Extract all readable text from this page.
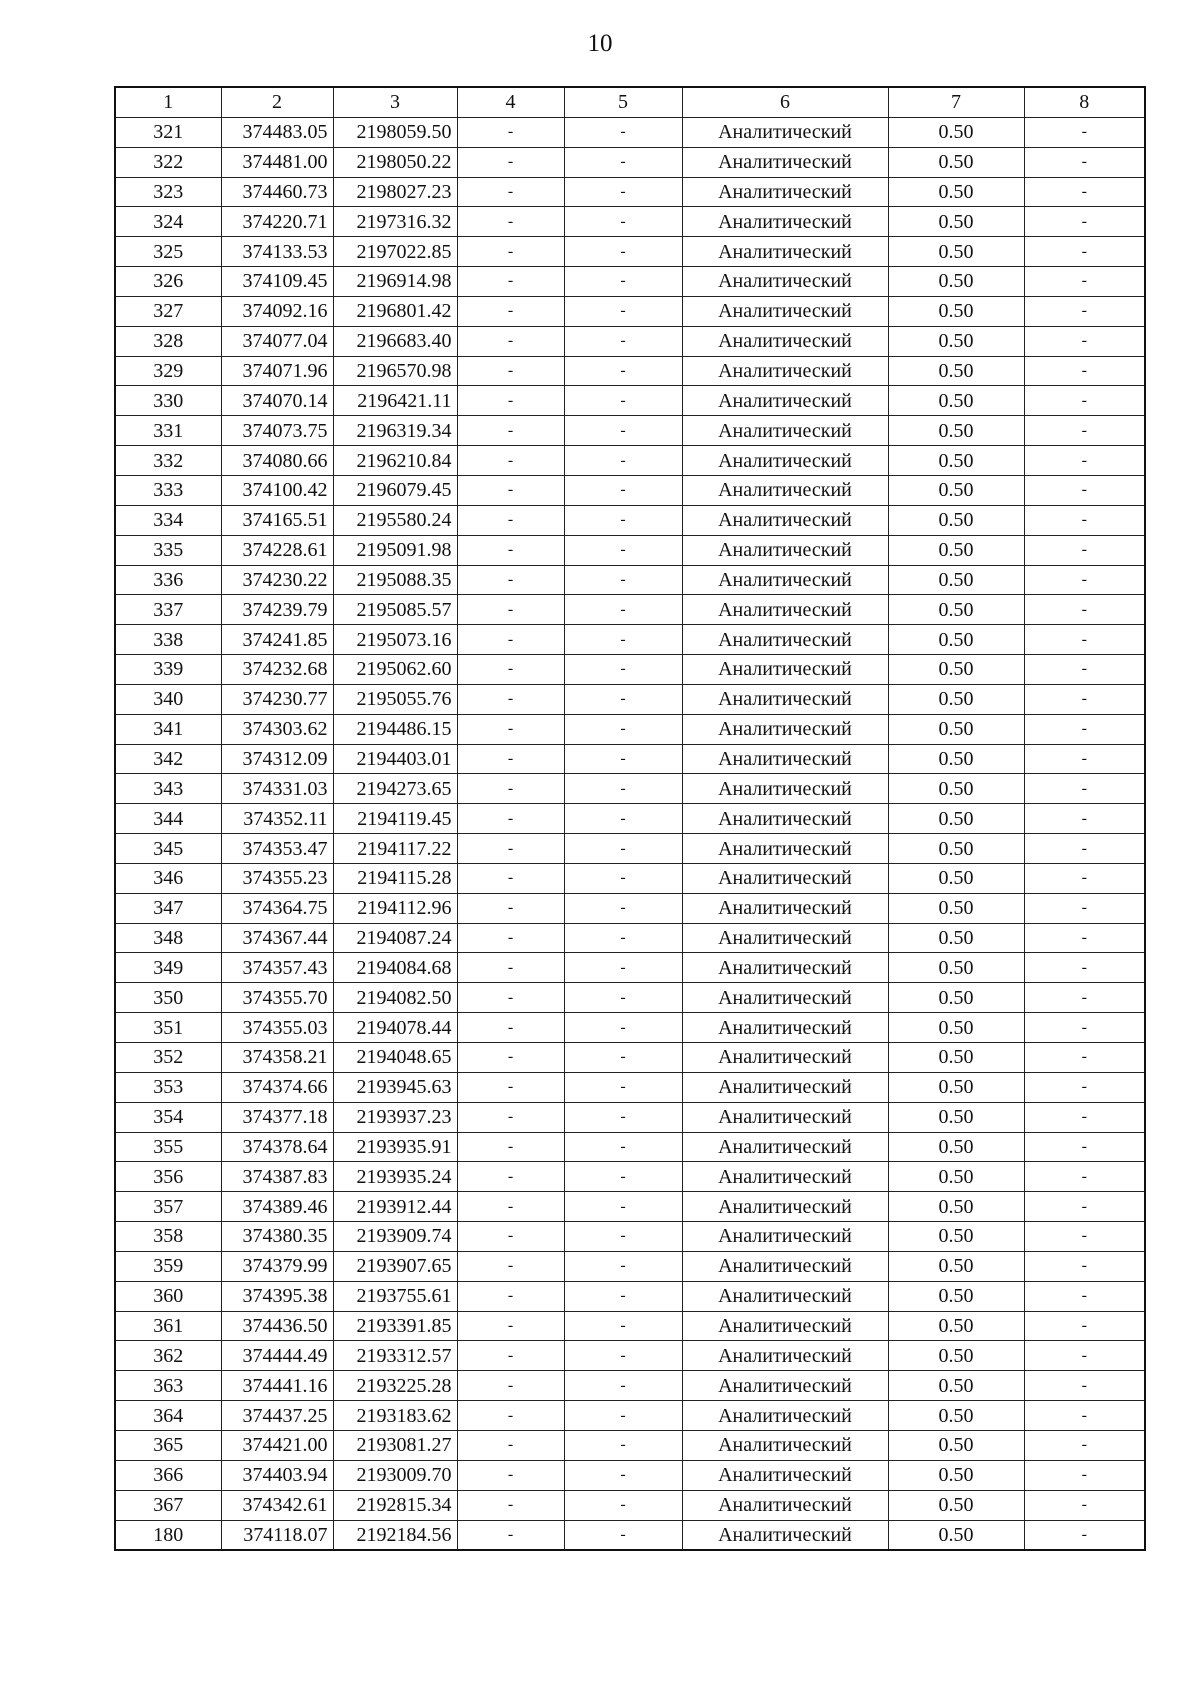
10
1	2	3	4	5	6	7	8
321	374483.05	2198059.50	-	-	Аналитический	0.50	-
322	374481.00	2198050.22	-	-	Аналитический	0.50	-
323	374460.73	2198027.23	-	-	Аналитический	0.50	-
324	374220.71	2197316.32	-	-	Аналитический	0.50	-
325	374133.53	2197022.85	-	-	Аналитический	0.50	-
326	374109.45	2196914.98	-	-	Аналитический	0.50	-
327	374092.16	2196801.42	-	-	Аналитический	0.50	-
328	374077.04	2196683.40	-	-	Аналитический	0.50	-
329	374071.96	2196570.98	-	-	Аналитический	0.50	-
330	374070.14	2196421.11	-	-	Аналитический	0.50	-
331	374073.75	2196319.34	-	-	Аналитический	0.50	-
332	374080.66	2196210.84	-	-	Аналитический	0.50	-
333	374100.42	2196079.45	-	-	Аналитический	0.50	-
334	374165.51	2195580.24	-	-	Аналитический	0.50	-
335	374228.61	2195091.98	-	-	Аналитический	0.50	-
336	374230.22	2195088.35	-	-	Аналитический	0.50	-
337	374239.79	2195085.57	-	-	Аналитический	0.50	-
338	374241.85	2195073.16	-	-	Аналитический	0.50	-
339	374232.68	2195062.60	-	-	Аналитический	0.50	-
340	374230.77	2195055.76	-	-	Аналитический	0.50	-
341	374303.62	2194486.15	-	-	Аналитический	0.50	-
342	374312.09	2194403.01	-	-	Аналитический	0.50	-
343	374331.03	2194273.65	-	-	Аналитический	0.50	-
344	374352.11	2194119.45	-	-	Аналитический	0.50	-
345	374353.47	2194117.22	-	-	Аналитический	0.50	-
346	374355.23	2194115.28	-	-	Аналитический	0.50	-
347	374364.75	2194112.96	-	-	Аналитический	0.50	-
348	374367.44	2194087.24	-	-	Аналитический	0.50	-
349	374357.43	2194084.68	-	-	Аналитический	0.50	-
350	374355.70	2194082.50	-	-	Аналитический	0.50	-
351	374355.03	2194078.44	-	-	Аналитический	0.50	-
352	374358.21	2194048.65	-	-	Аналитический	0.50	-
353	374374.66	2193945.63	-	-	Аналитический	0.50	-
354	374377.18	2193937.23	-	-	Аналитический	0.50	-
355	374378.64	2193935.91	-	-	Аналитический	0.50	-
356	374387.83	2193935.24	-	-	Аналитический	0.50	-
357	374389.46	2193912.44	-	-	Аналитический	0.50	-
358	374380.35	2193909.74	-	-	Аналитический	0.50	-
359	374379.99	2193907.65	-	-	Аналитический	0.50	-
360	374395.38	2193755.61	-	-	Аналитический	0.50	-
361	374436.50	2193391.85	-	-	Аналитический	0.50	-
362	374444.49	2193312.57	-	-	Аналитический	0.50	-
363	374441.16	2193225.28	-	-	Аналитический	0.50	-
364	374437.25	2193183.62	-	-	Аналитический	0.50	-
365	374421.00	2193081.27	-	-	Аналитический	0.50	-
366	374403.94	2193009.70	-	-	Аналитический	0.50	-
367	374342.61	2192815.34	-	-	Аналитический	0.50	-
180	374118.07	2192184.56	-	-	Аналитический	0.50	-
